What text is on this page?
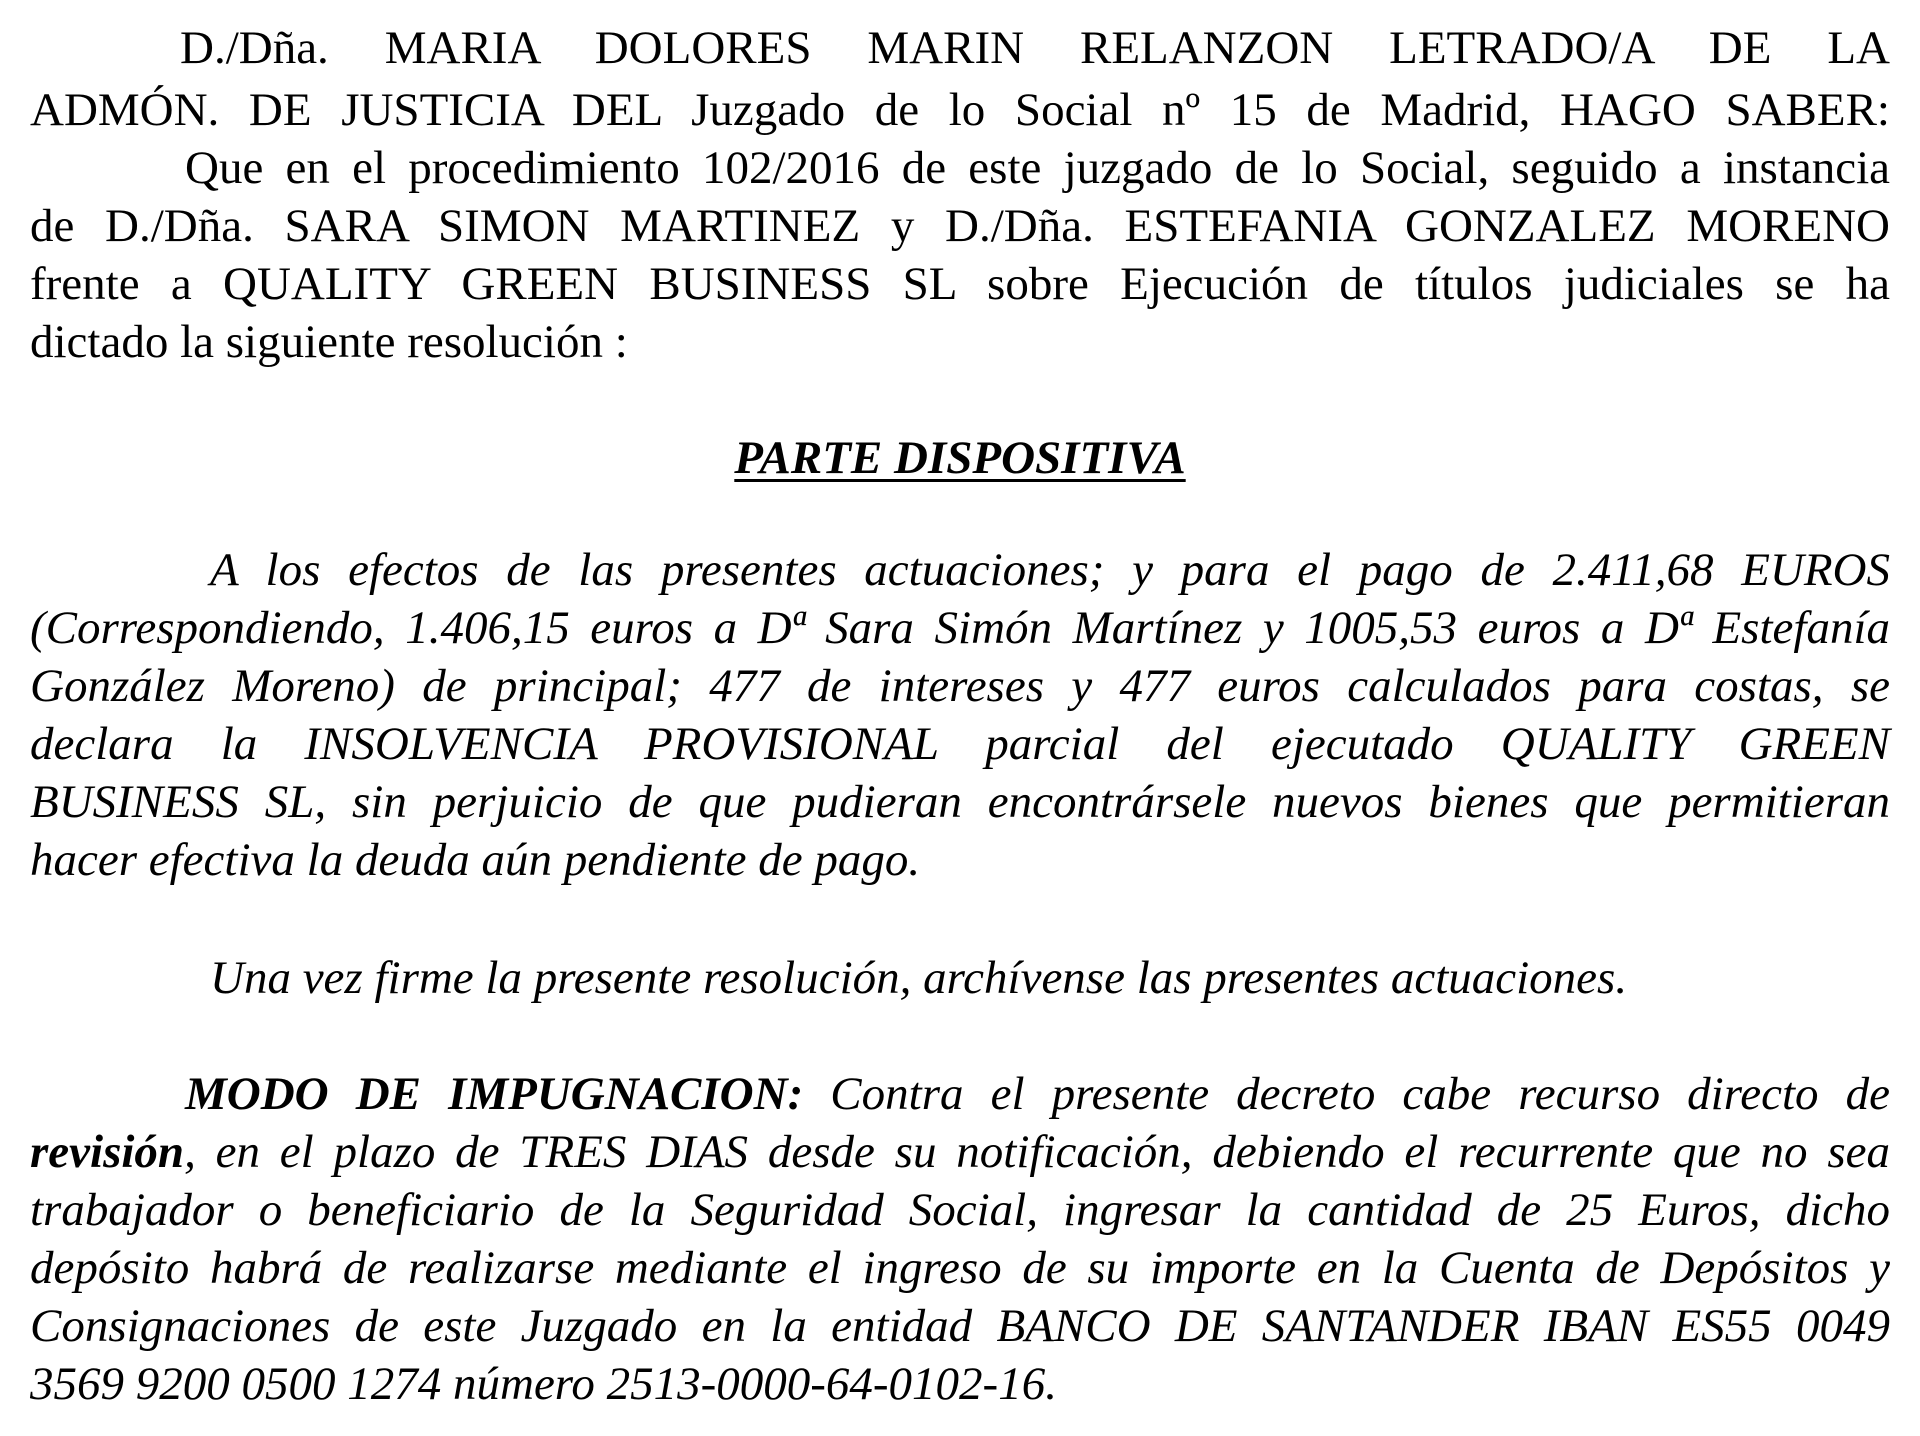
D./Dña. MARIA DOLORES MARIN RELANZON LETRADO/A DE LA
ADMÓN. DE JUSTICIA DEL Juzgado de lo Social nº 15 de Madrid, HAGO SABER:
Que en el procedimiento 102/2016 de este juzgado de lo Social, seguido a instancia
de D./Dña. SARA SIMON MARTINEZ y D./Dña. ESTEFANIA GONZALEZ MORENO
frente a QUALITY GREEN BUSINESS SL sobre Ejecución de títulos judiciales se ha
dictado la siguiente resolución :
PARTE DISPOSITIVA
A los efectos de las presentes actuaciones; y para el pago de 2.411,68 EUROS
(Correspondiendo, 1.406,15 euros a Dª Sara Simón Martínez y 1005,53 euros a Dª Estefanía
González Moreno) de principal; 477 de intereses y 477 euros calculados para costas, se
declara la INSOLVENCIA PROVISIONAL parcial del ejecutado QUALITY GREEN
BUSINESS SL, sin perjuicio de que pudieran encontrársele nuevos bienes que permitieran
hacer efectiva la deuda aún pendiente de pago.
Una vez firme la presente resolución, archívense las presentes actuaciones.
MODO DE IMPUGNACION: Contra el presente decreto cabe recurso directo de
revisión, en el plazo de TRES DIAS desde su notificación, debiendo el recurrente que no sea
trabajador o beneficiario de la Seguridad Social, ingresar la cantidad de 25 Euros, dicho
depósito habrá de realizarse mediante el ingreso de su importe en la Cuenta de Depósitos y
Consignaciones de este Juzgado en la entidad BANCO DE SANTANDER IBAN ES55 0049
3569 9200 0500 1274 número 2513-0000-64-0102-16.
